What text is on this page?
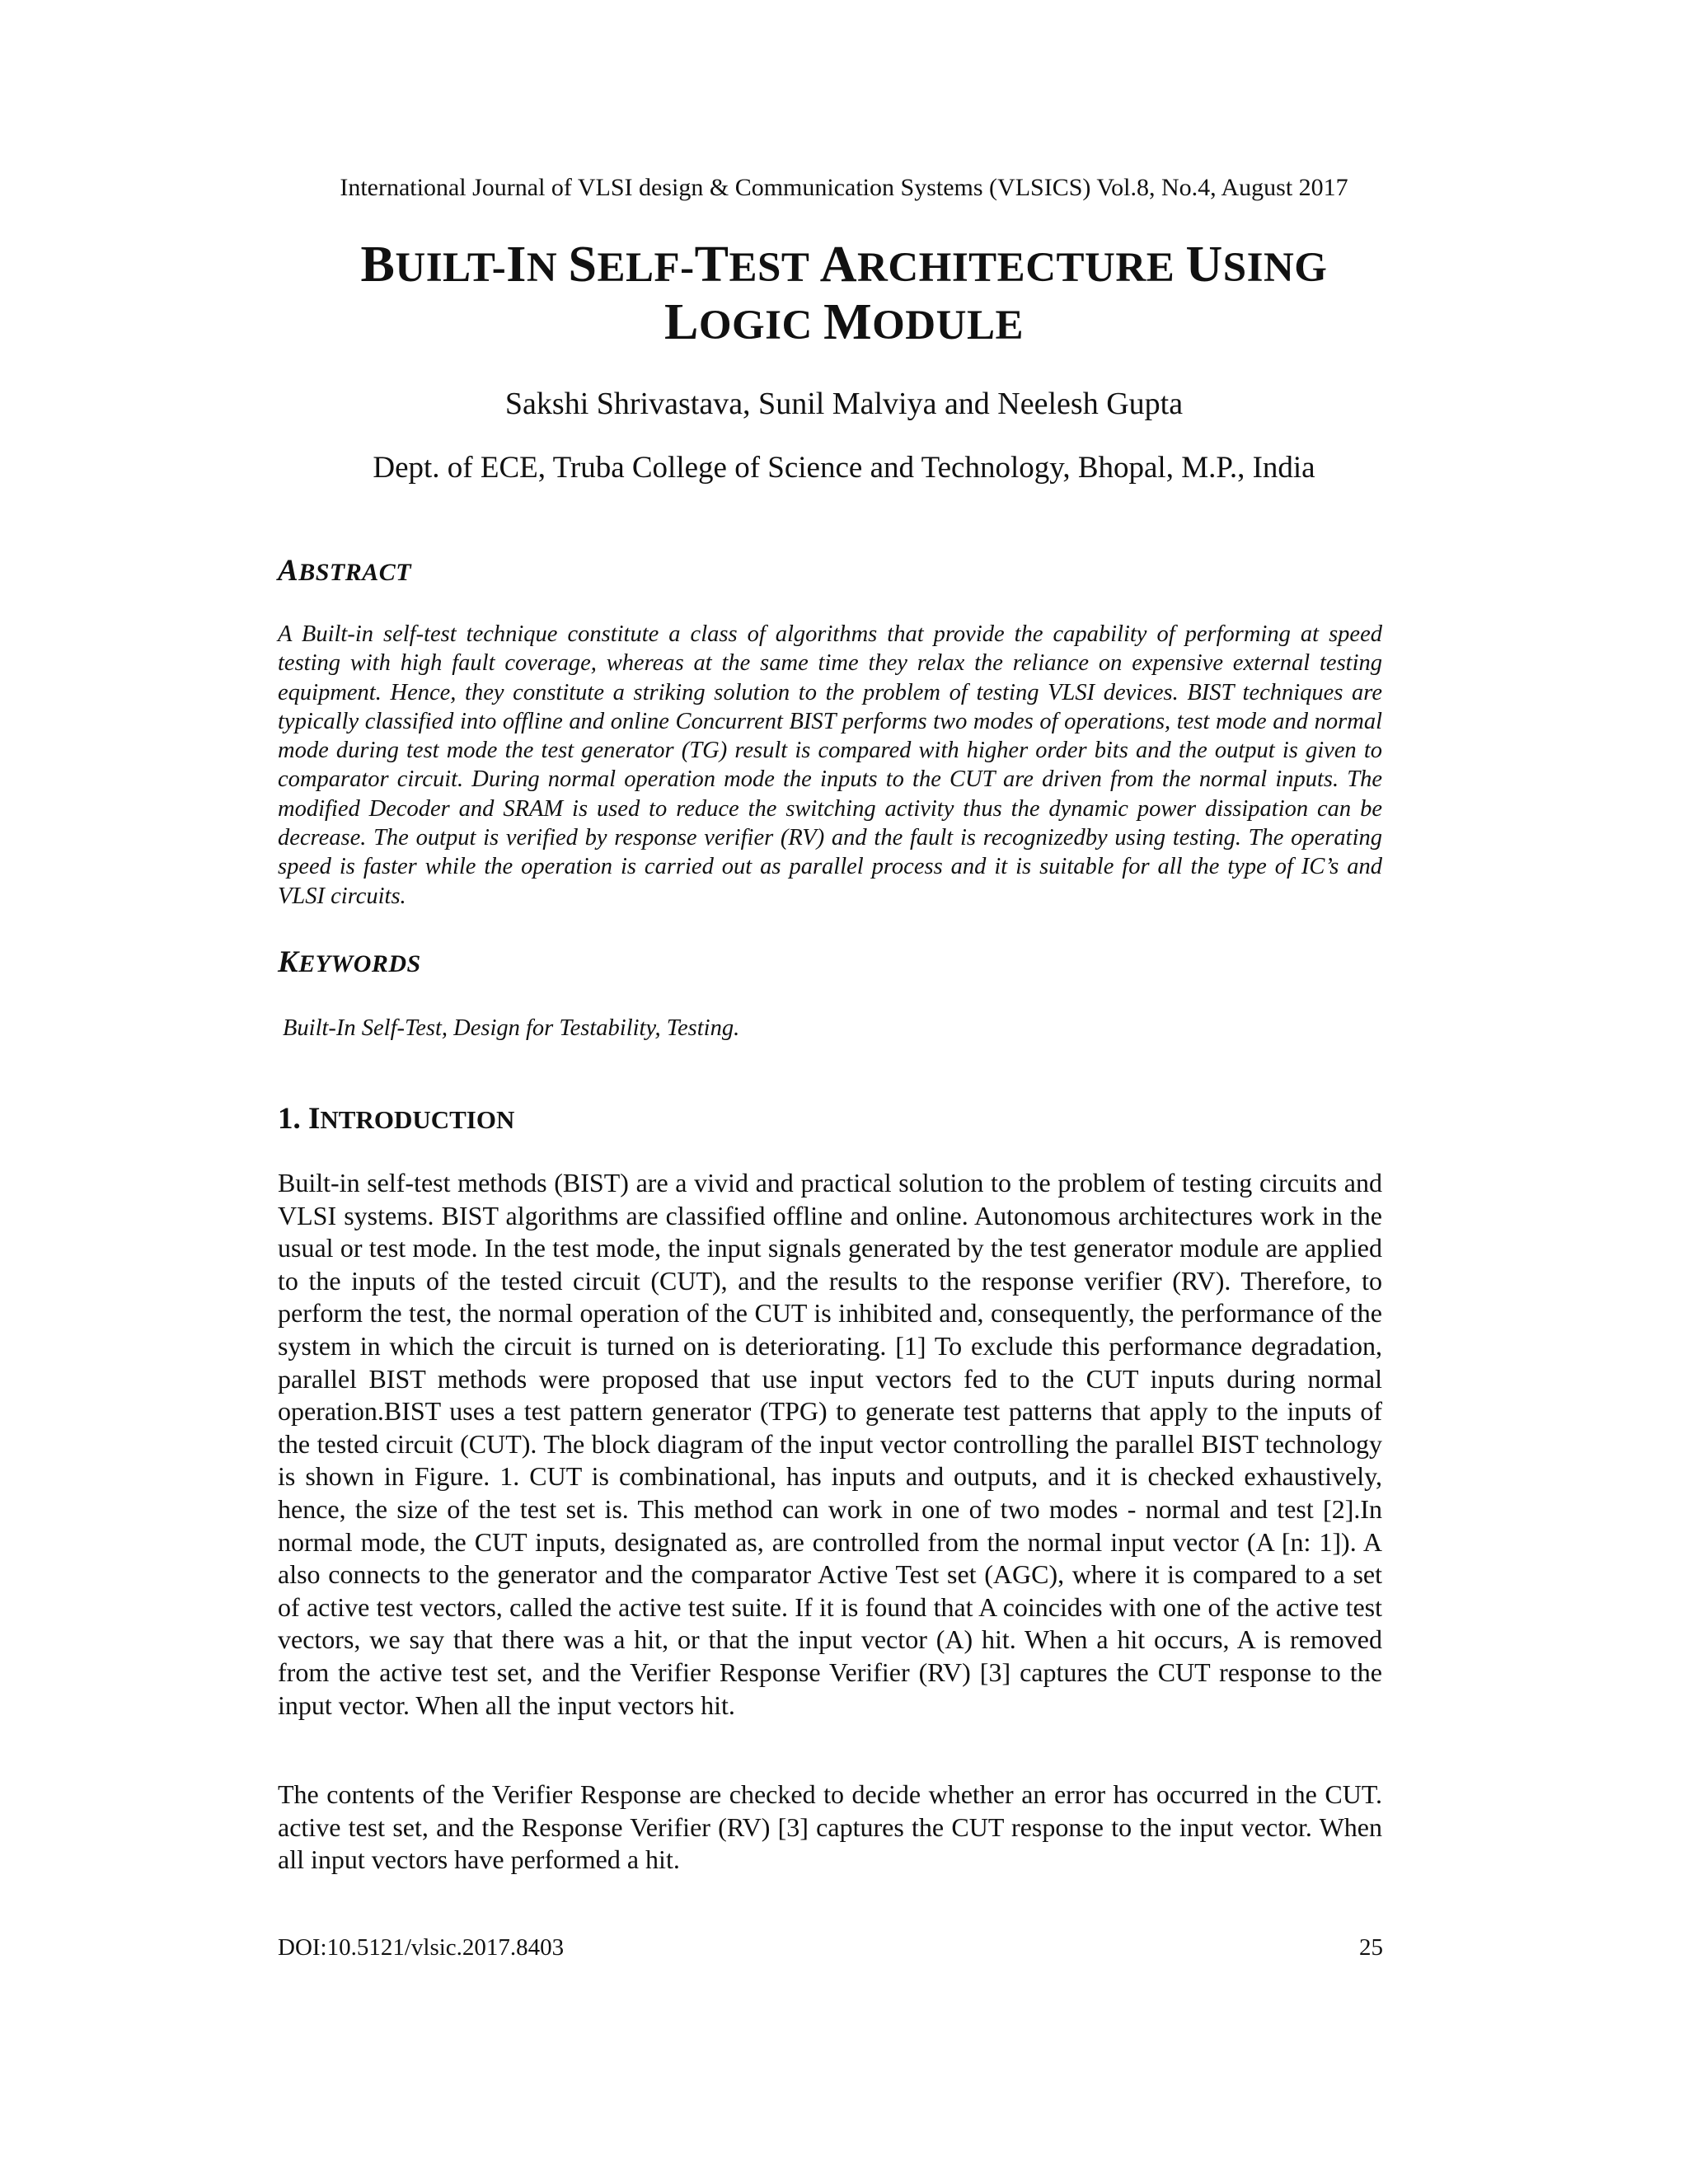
International Journal of VLSI design & Communication Systems (VLSICS) Vol.8, No.4, August 2017
BUILT-IN SELF-TEST ARCHITECTURE USING
LOGIC MODULE
Sakshi Shrivastava, Sunil Malviya and Neelesh Gupta
Dept. of ECE, Truba College of Science and Technology, Bhopal, M.P., India
ABSTRACT
A Built-in self-test technique constitute a class of algorithms that provide the capability of performing at speed testing with high fault coverage, whereas at the same time they relax the reliance on expensive external testing equipment. Hence, they constitute a striking solution to the problem of testing VLSI devices. BIST techniques are typically classified into offline and online Concurrent BIST performs two modes of operations, test mode and normal mode during test mode the test generator (TG) result is compared with higher order bits and the output is given to comparator circuit. During normal operation mode the inputs to the CUT are driven from the normal inputs. The modified Decoder and SRAM is used to reduce the switching activity thus the dynamic power dissipation can be decrease. The output is verified by response verifier (RV) and the fault is recognizedby using testing. The operating speed is faster while the operation is carried out as parallel process and it is suitable for all the type of IC’s and VLSI circuits.
KEYWORDS
Built-In Self-Test, Design for Testability, Testing.
1. INTRODUCTION
Built-in self-test methods (BIST) are a vivid and practical solution to the problem of testing circuits and VLSI systems. BIST algorithms are classified offline and online. Autonomous architectures work in the usual or test mode. In the test mode, the input signals generated by the test generator module are applied to the inputs of the tested circuit (CUT), and the results to the response verifier (RV). Therefore, to perform the test, the normal operation of the CUT is inhibited and, consequently, the performance of the system in which the circuit is turned on is deteriorating. [1] To exclude this performance degradation, parallel BIST methods were proposed that use input vectors fed to the CUT inputs during normal operation.BIST uses a test pattern generator (TPG) to generate test patterns that apply to the inputs of the tested circuit (CUT). The block diagram of the input vector controlling the parallel BIST technology is shown in Figure. 1. CUT is combinational, has inputs and outputs, and it is checked exhaustively, hence, the size of the test set is. This method can work in one of two modes - normal and test [2].In normal mode, the CUT inputs, designated as, are controlled from the normal input vector (A [n: 1]). A also connects to the generator and the comparator Active Test set (AGC), where it is compared to a set of active test vectors, called the active test suite. If it is found that A coincides with one of the active test vectors, we say that there was a hit, or that the input vector (A) hit. When a hit occurs, A is removed from the active test set, and the Verifier Response Verifier (RV) [3] captures the CUT response to the input vector. When all the input vectors hit.
The contents of the Verifier Response are checked to decide whether an error has occurred in the CUT. active test set, and the Response Verifier (RV) [3] captures the CUT response to the input vector. When all input vectors have performed a hit.
DOI:10.5121/vlsic.2017.8403	25
